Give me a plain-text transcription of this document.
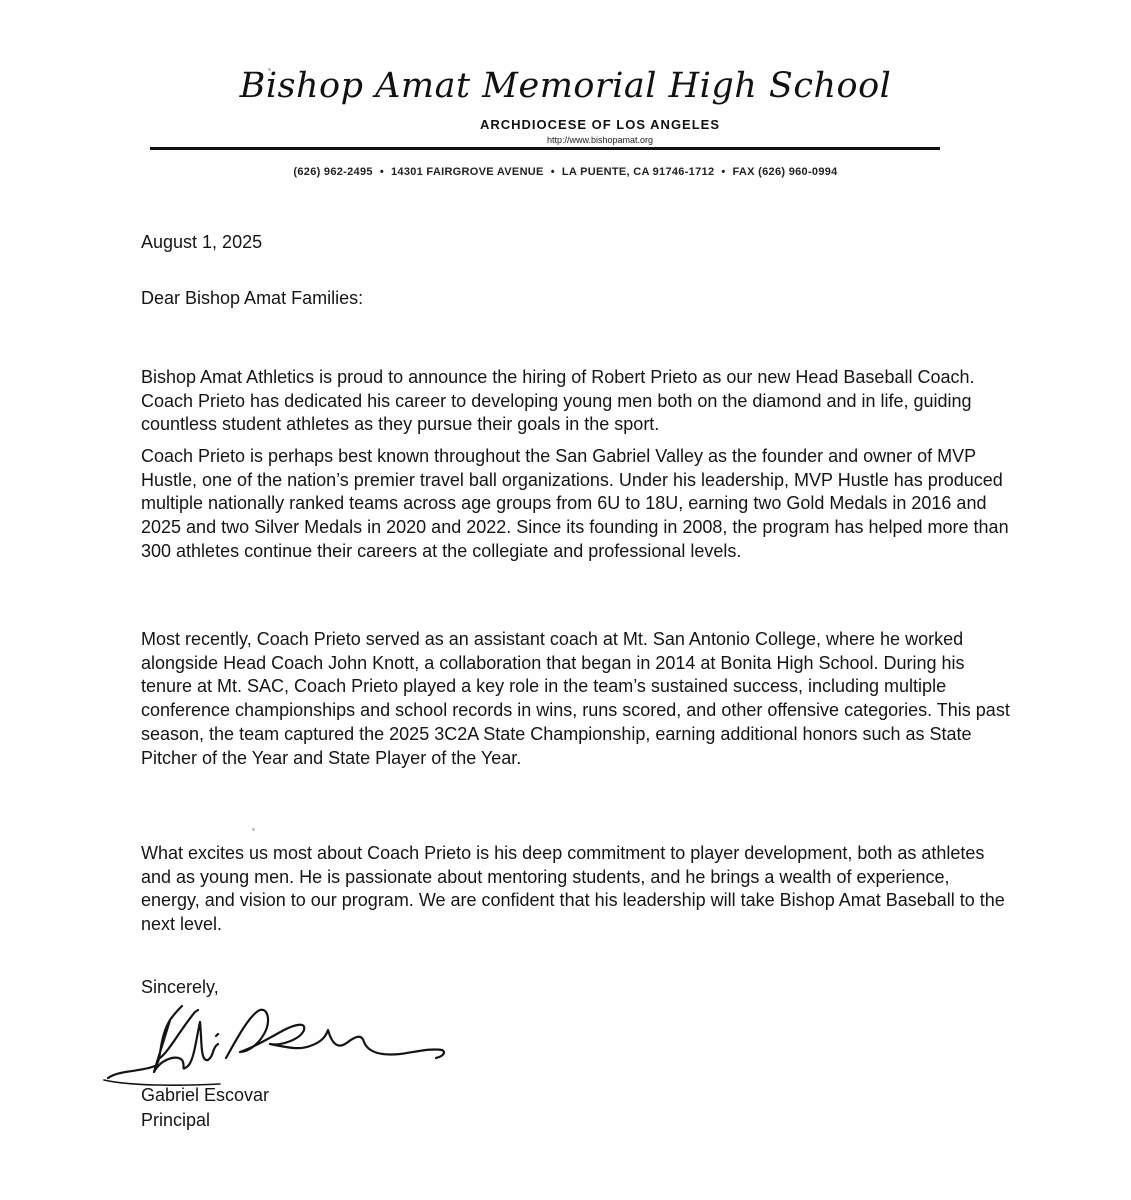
Bishop Amat Memorial High School
ARCHDIOCESE OF LOS ANGELES
http://www.bishopamat.org
(626) 962-2495 • 14301 FAIRGROVE AVENUE • LA PUENTE, CA 91746-1712 • FAX (626) 960-0994
August 1, 2025
Dear Bishop Amat Families:
Bishop Amat Athletics is proud to announce the hiring of Robert Prieto as our new Head Baseball Coach. Coach Prieto has dedicated his career to developing young men both on the diamond and in life, guiding countless student athletes as they pursue their goals in the sport.
Coach Prieto is perhaps best known throughout the San Gabriel Valley as the founder and owner of MVP Hustle, one of the nation’s premier travel ball organizations. Under his leadership, MVP Hustle has produced multiple nationally ranked teams across age groups from 6U to 18U, earning two Gold Medals in 2016 and 2025 and two Silver Medals in 2020 and 2022. Since its founding in 2008, the program has helped more than 300 athletes continue their careers at the collegiate and professional levels.
Most recently, Coach Prieto served as an assistant coach at Mt. San Antonio College, where he worked alongside Head Coach John Knott, a collaboration that began in 2014 at Bonita High School. During his tenure at Mt. SAC, Coach Prieto played a key role in the team’s sustained success, including multiple conference championships and school records in wins, runs scored, and other offensive categories. This past season, the team captured the 2025 3C2A State Championship, earning additional honors such as State Pitcher of the Year and State Player of the Year.
What excites us most about Coach Prieto is his deep commitment to player development, both as athletes and as young men. He is passionate about mentoring students, and he brings a wealth of experience, energy, and vision to our program. We are confident that his leadership will take Bishop Amat Baseball to the next level.
Sincerely,
Gabriel Escovar
Principal
